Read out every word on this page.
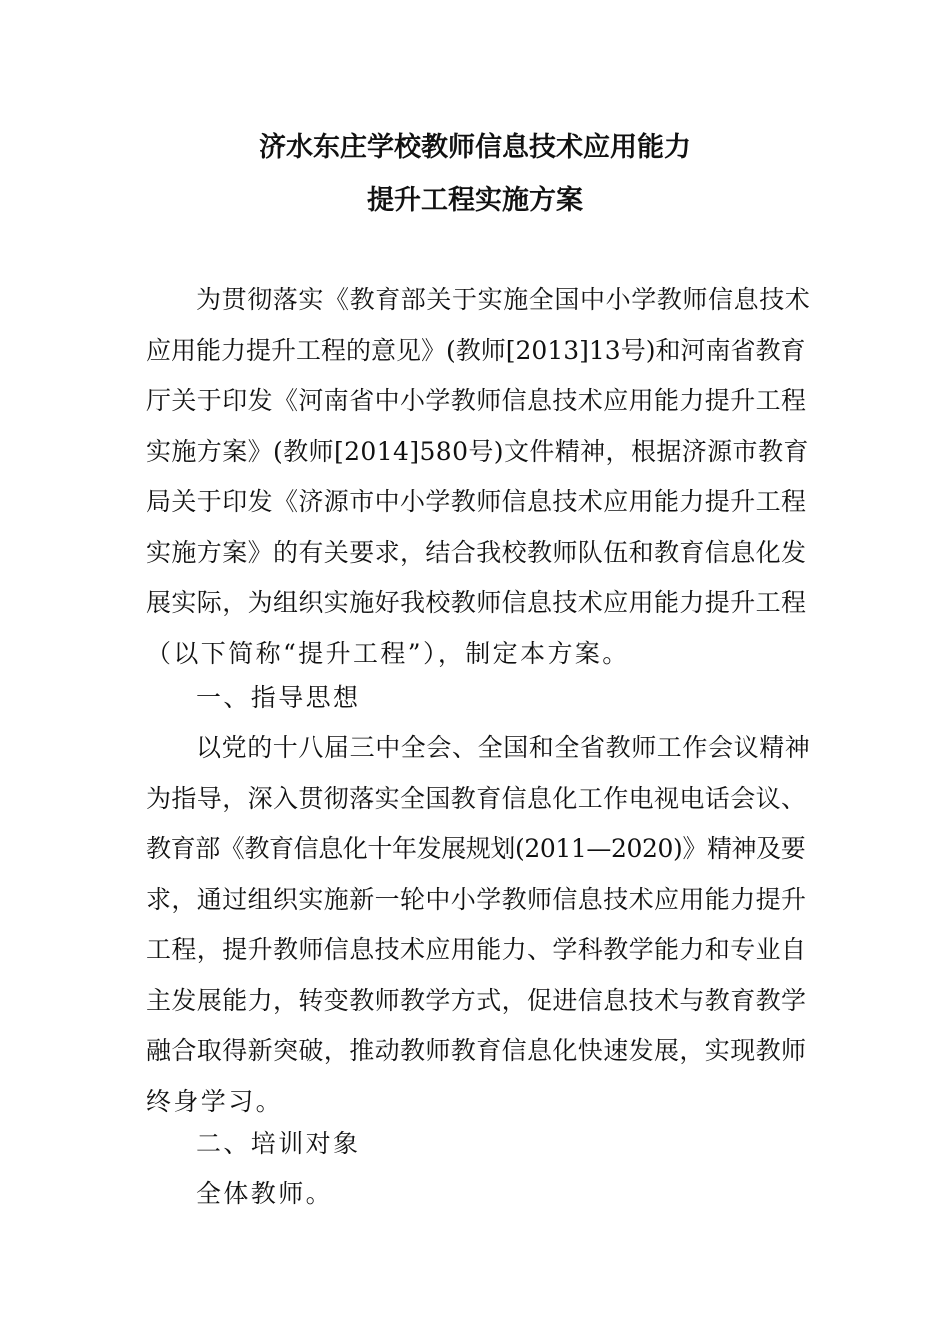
济水东庄学校教师信息技术应用能力
提升工程实施方案
为贯彻落实《教育部关于实施全国中小学教师信息技术
应用能力提升工程的意见》(教师[2013]13号)和河南省教育
厅关于印发《河南省中小学教师信息技术应用能力提升工程
实施方案》(教师[2014]580号)文件精神，根据济源市教育
局关于印发《济源市中小学教师信息技术应用能力提升工程
实施方案》的有关要求，结合我校教师队伍和教育信息化发
展实际，为组织实施好我校教师信息技术应用能力提升工程
（以下简称“提升工程”），制定本方案。
一、指导思想
以党的十八届三中全会、全国和全省教师工作会议精神
为指导，深入贯彻落实全国教育信息化工作电视电话会议、
教育部《教育信息化十年发展规划(2011—2020)》精神及要
求，通过组织实施新一轮中小学教师信息技术应用能力提升
工程，提升教师信息技术应用能力、学科教学能力和专业自
主发展能力，转变教师教学方式，促进信息技术与教育教学
融合取得新突破，推动教师教育信息化快速发展，实现教师
终身学习。
二、培训对象
全体教师。
